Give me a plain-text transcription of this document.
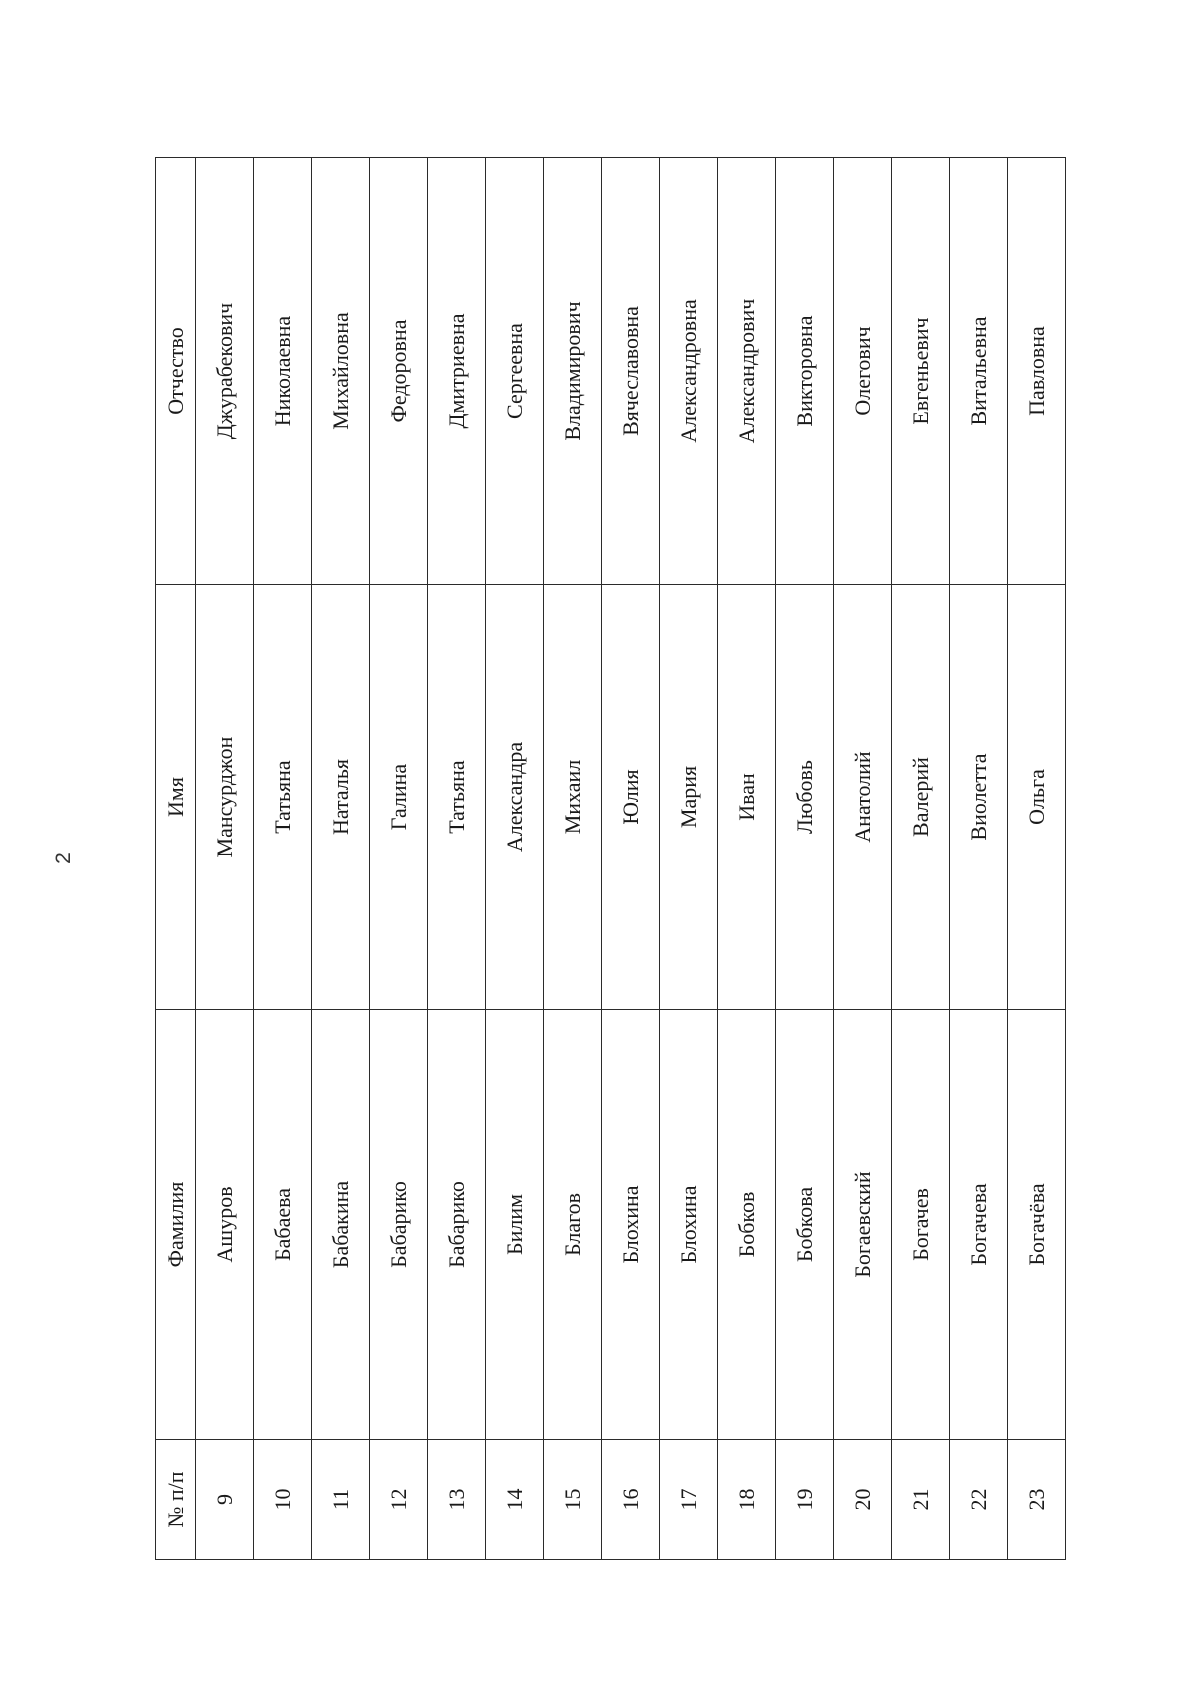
2
№ п/п	Фамилия	Имя	Отчество
9	Ашуров	Мансурджон	Джурабекович
10	Бабаева	Татьяна	Николаевна
11	Бабакина	Наталья	Михайловна
12	Бабарико	Галина	Федоровна
13	Бабарико	Татьяна	Дмитриевна
14	Билим	Александра	Сергеевна
15	Благов	Михаил	Владимирович
16	Блохина	Юлия	Вячеславовна
17	Блохина	Мария	Александровна
18	Бобков	Иван	Александрович
19	Бобкова	Любовь	Викторовна
20	Богаевский	Анатолий	Олегович
21	Богачев	Валерий	Евгеньевич
22	Богачева	Виолетта	Витальевна
23	Богачёва	Ольга	Павловна
